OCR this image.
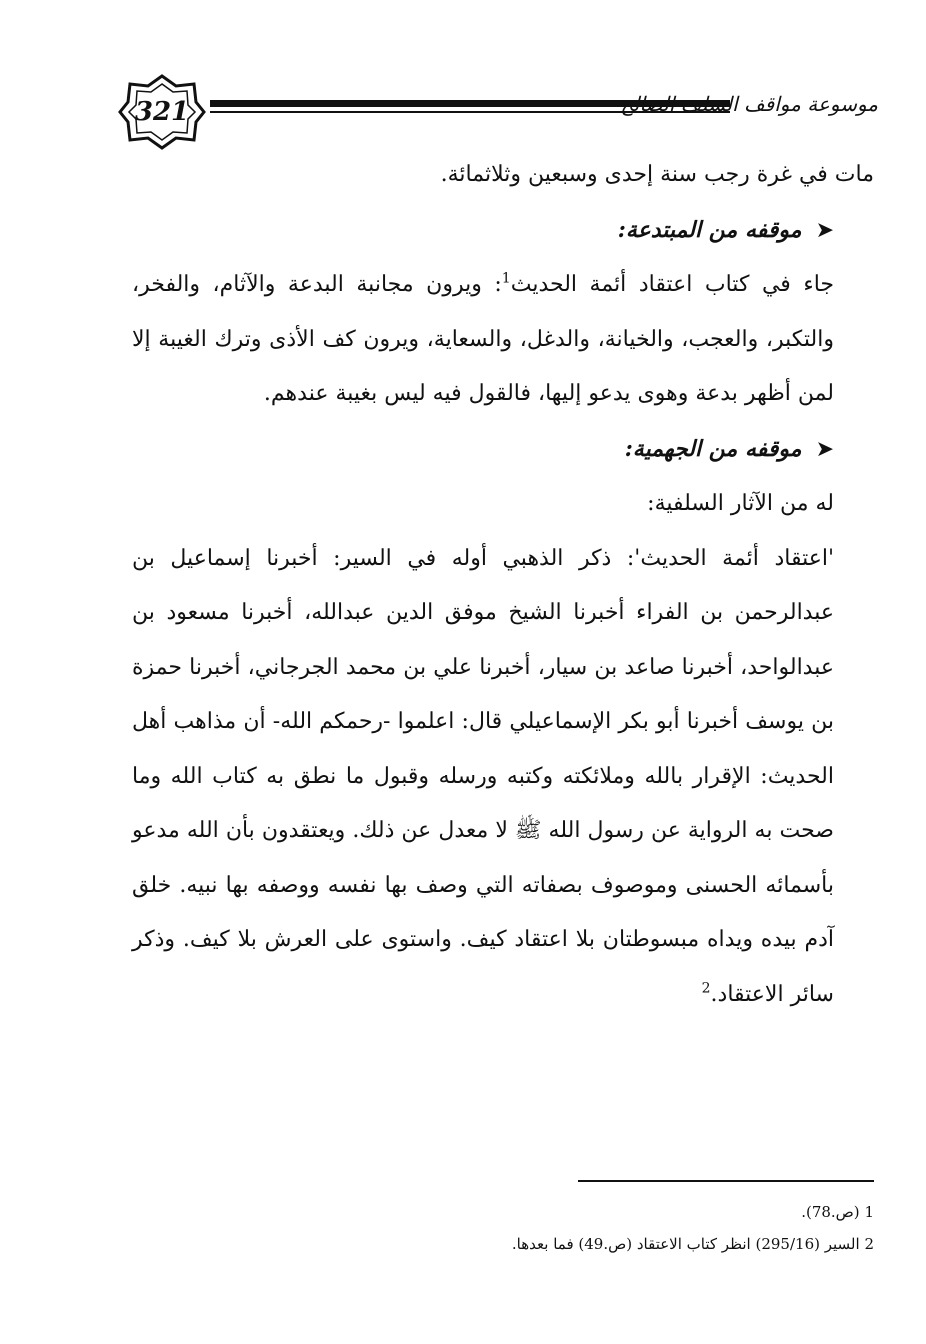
321	موسوعة مواقف السلف الصالح

مات في غرة رجب سنة إحدى وسبعين وثلاثمائة.

➤موقفه من المبتدعة:

جاء في كتاب اعتقاد أئمة الحديث$^1$: ويرون مجانبة البدعة والآثام، والفخر، والتكبر، والعجب، والخيانة، والدغل، والسعاية، ويرون كف الأذى وترك الغيبة إلا لمن أظهر بدعة وهوى يدعو إليها، فالقول فيه ليس بغيبة عندهم.

➤موقفه من الجهمية:

له من الآثار السلفية:

'اعتقاد أئمة الحديث': ذكر الذهبي أوله في السير: أخبرنا إسماعيل بن عبدالرحمن بن الفراء أخبرنا الشيخ موفق الدين عبدالله، أخبرنا مسعود بن عبدالواحد، أخبرنا صاعد بن سيار، أخبرنا علي بن محمد الجرجاني، أخبرنا حمزة بن يوسف أخبرنا أبو بكر الإسماعيلي قال: اعلموا -رحمكم الله- أن مذاهب أهل الحديث: الإقرار بالله وملائكته وكتبه ورسله وقبول ما نطق به كتاب الله وما صحت به الرواية عن رسول الله ﷺ لا معدل عن ذلك. ويعتقدون بأن الله مدعو بأسمائه الحسنى وموصوف بصفاته التي وصف بها نفسه ووصفه بها نبيه. خلق آدم بيده ويداه مبسوطتان بلا اعتقاد كيف. واستوى على العرش بلا كيف. وذكر سائر الاعتقاد.$^2$

1 (ص.78).
2 السير (295/16) انظر كتاب الاعتقاد (ص.49) فما بعدها.
